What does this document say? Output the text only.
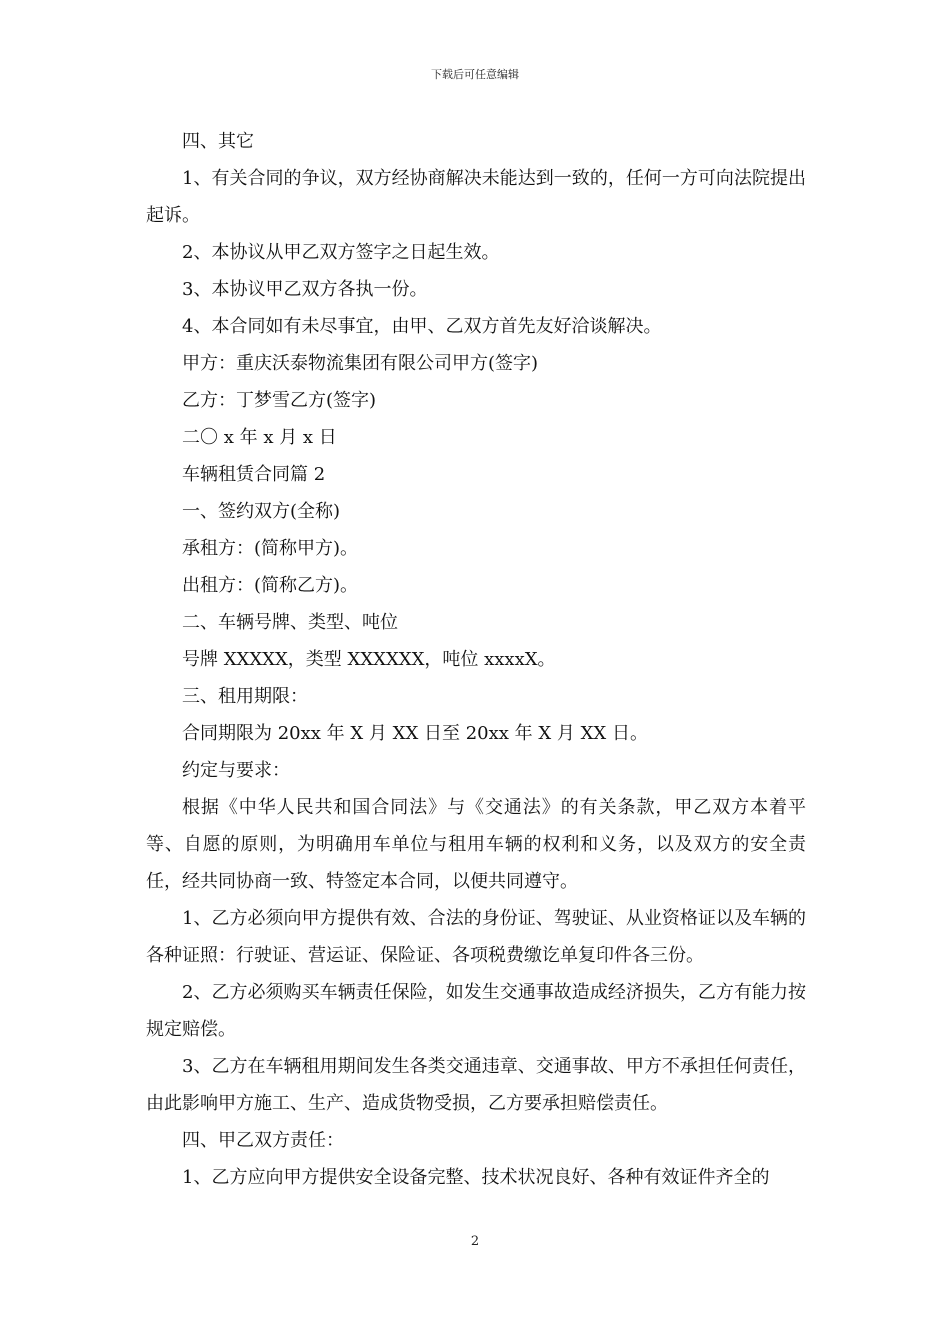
下载后可任意编辑

四、其它

1、有关合同的争议，双方经协商解决未能达到一致的，任何一方可向法院提出起诉。

2、本协议从甲乙双方签字之日起生效。

3、本协议甲乙双方各执一份。

4、本合同如有未尽事宜，由甲、乙双方首先友好洽谈解决。

甲方：重庆沃泰物流集团有限公司甲方(签字)

乙方：丁梦雪乙方(签字)

二〇 x 年 x 月 x 日

车辆租赁合同篇 2

一、签约双方(全称)

承租方：(简称甲方)。

出租方：(简称乙方)。

二、车辆号牌、类型、吨位

号牌 XXXXX，类型 XXXXXX，吨位 xxxxX。

三、租用期限：

合同期限为 20xx 年 X 月 XX 日至 20xx 年 X 月 XX 日。

约定与要求：

根据《中华人民共和国合同法》与《交通法》的有关条款，甲乙双方本着平等、自愿的原则，为明确用车单位与租用车辆的权利和义务，以及双方的安全责任，经共同协商一致、特签定本合同，以便共同遵守。

1、乙方必须向甲方提供有效、合法的身份证、驾驶证、从业资格证以及车辆的各种证照：行驶证、营运证、保险证、各项税费缴讫单复印件各三份。

2、乙方必须购买车辆责任保险，如发生交通事故造成经济损失，乙方有能力按规定赔偿。

3、乙方在车辆租用期间发生各类交通违章、交通事故、甲方不承担任何责任，由此影响甲方施工、生产、造成货物受损，乙方要承担赔偿责任。

四、甲乙双方责任：

1、乙方应向甲方提供安全设备完整、技术状况良好、各种有效证件齐全的

2
